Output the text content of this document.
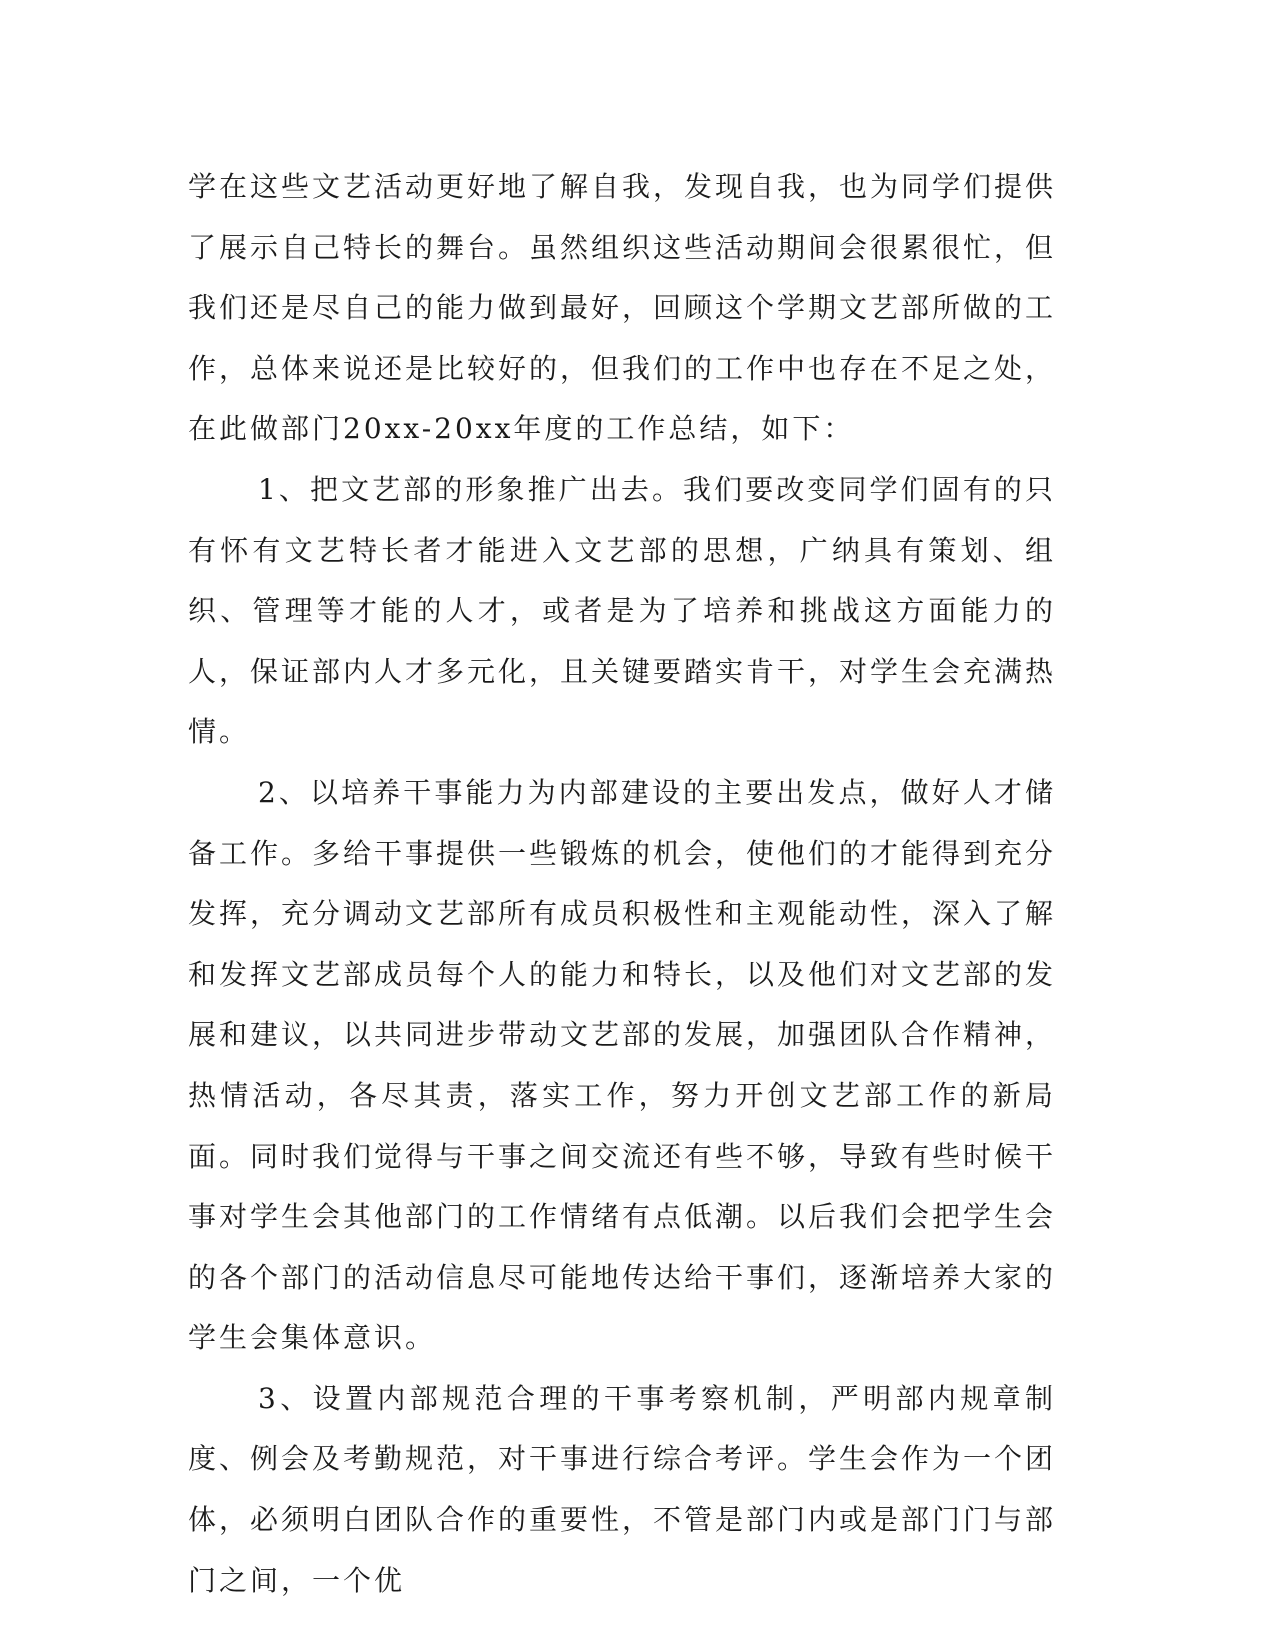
学在这些文艺活动更好地了解自我，发现自我，也为同学们提供了展示自己特长的舞台。虽然组织这些活动期间会很累很忙，但我们还是尽自己的能力做到最好，回顾这个学期文艺部所做的工作，总体来说还是比较好的，但我们的工作中也存在不足之处，在此做部门20xx-20xx年度的工作总结，如下：

1、把文艺部的形象推广出去。我们要改变同学们固有的只有怀有文艺特长者才能进入文艺部的思想，广纳具有策划、组织、管理等才能的人才，或者是为了培养和挑战这方面能力的人，保证部内人才多元化，且关键要踏实肯干，对学生会充满热情。

2、以培养干事能力为内部建设的主要出发点，做好人才储备工作。多给干事提供一些锻炼的机会，使他们的才能得到充分发挥，充分调动文艺部所有成员积极性和主观能动性，深入了解和发挥文艺部成员每个人的能力和特长，以及他们对文艺部的发展和建议，以共同进步带动文艺部的发展，加强团队合作精神，热情活动，各尽其责，落实工作，努力开创文艺部工作的新局面。同时我们觉得与干事之间交流还有些不够，导致有些时候干事对学生会其他部门的工作情绪有点低潮。以后我们会把学生会的各个部门的活动信息尽可能地传达给干事们，逐渐培养大家的学生会集体意识。

3、设置内部规范合理的干事考察机制，严明部内规章制度、例会及考勤规范，对干事进行综合考评。学生会作为一个团体，必须明白团队合作的重要性，不管是部门内或是部门门与部门之间，一个优
